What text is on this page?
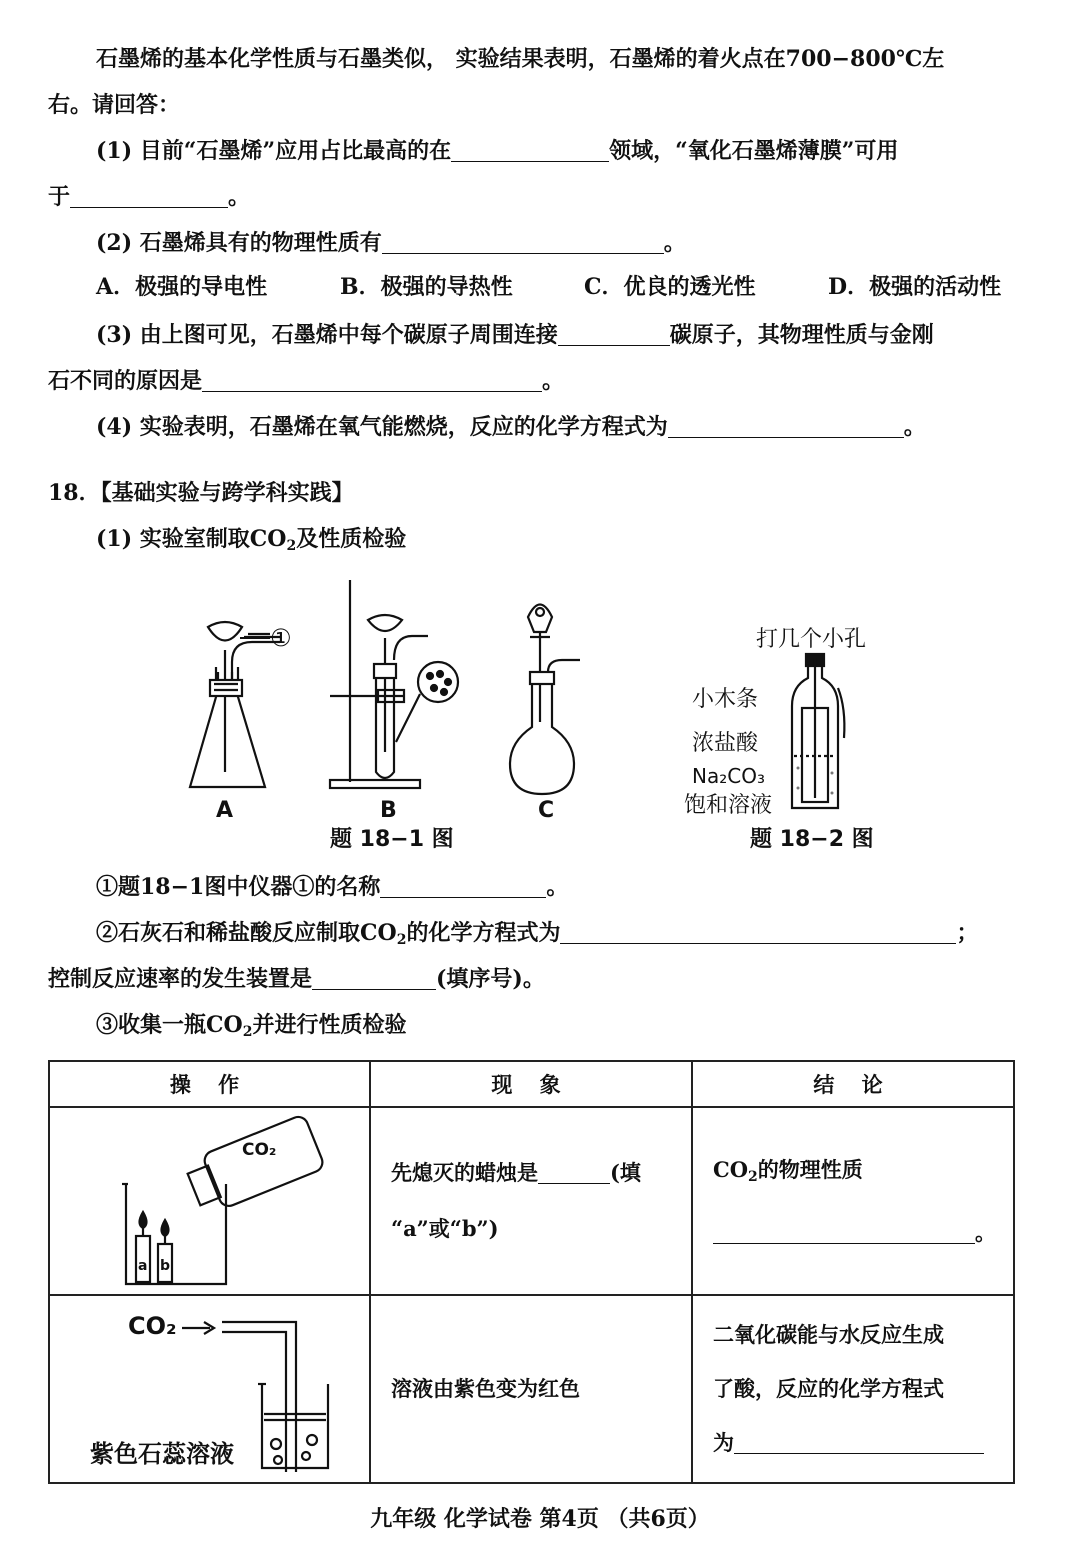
石墨烯的基本化学性质与石墨类似， 实验结果表明，石墨烯的着火点在700−800℃左
右。请回答：
(1) 目前“石墨烯”应用占比最高的在	领域，“氧化石墨烯薄膜”可用
于	。
(2) 石墨烯具有的物理性质有	。
A．极强的导电性	B．极强的导热性	C．优良的透光性	D．极强的活动性
(3) 由上图可见，石墨烯中每个碳原子周围连接	碳原子，其物理性质与金刚
石不同的原因是	。
(4) 实验表明，石墨烯在氧气能燃烧，反应的化学方程式为	。
18．【基础实验与跨学科实践】
(1) 实验室制取$CO_2$及性质检验
①
A	B	C
题 18−1 图
打几个小孔
小木条
浓盐酸
Na₂CO₃
饱和溶液
题 18−2 图
①题18−1图中仪器①的名称	。
②石灰石和稀盐酸反应制取$CO_2$的化学方程式为	；
控制反应速率的发生装置是	(填序号)。
③收集一瓶$CO_2$并进行性质检验
操 作	现 象	结 论

CO₂
a b	先熄灭的蜡烛是 (填
“a”或“b”)	$CO_2$的物理性质
。

CO₂
紫色石蕊溶液	溶液由紫色变为红色	二氧化碳能与水反应生成
了酸，反应的化学方程式
为
九年级 化学试卷 第4页 （共6页）
